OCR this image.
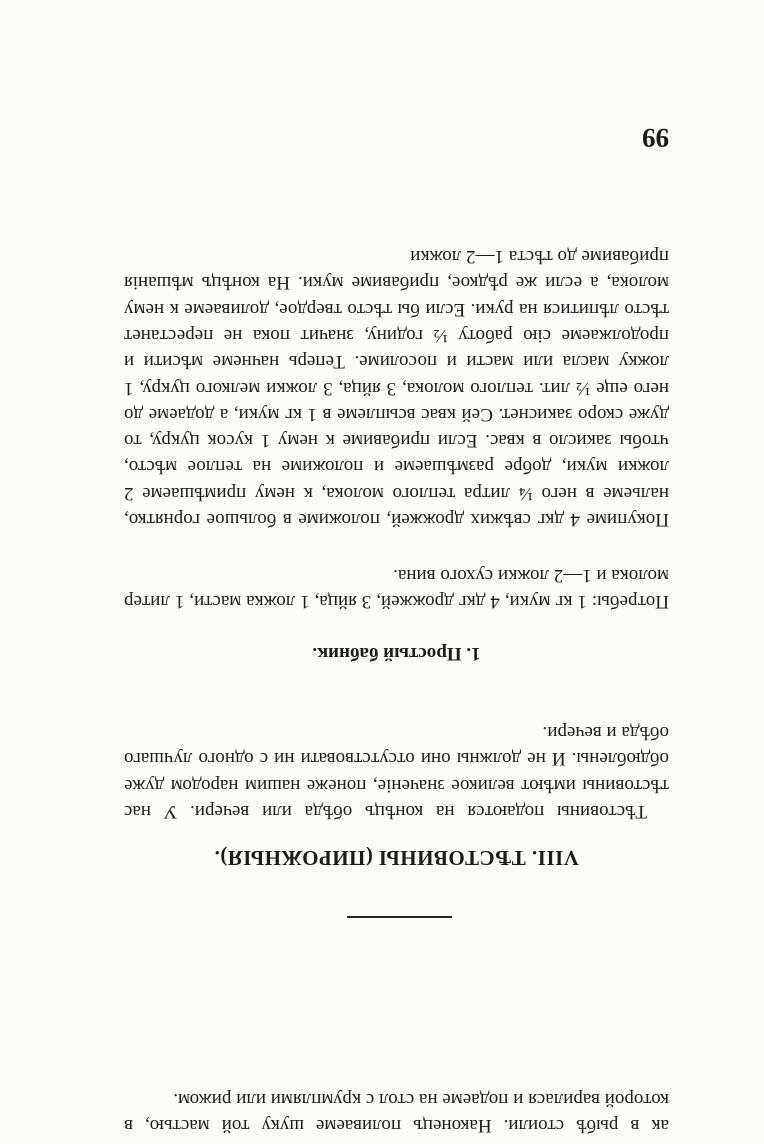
ак в рыбѣ стоили. Наконецъ поливаеме шуку той мастью, в которой варилася и подаеме на стол с крумплями или рижом.

VIII. ТѢСТОВИНЫ (ПИРОЖНЫЯ).

Тѣстовины подаются на конѣцъ обѣда или вечери. У нас тѣстовины имѣют великое значенiе, понеже нашим народом дуже обдюблены. И не должны они отсутствовати ни с одного лучшаго обѣда и вечери.

1. Простый бабник.

Потребы: 1 кг муки, 4 дкг дрожжей, 3 яйца, 1 ложка масти, 1 литер молока и 1—2 ложки сухого вина.

Покупиме 4 дкг свѣжих дрожжей, положиме в большое горнятко, нальеме в него ¼ литра теплого молока, к нему примѣшаеме 2 ложки муки, добре размѣшаеме и положиме на теплое мѣсто, чтобы закисло в квас. Если прибавиме к нему 1 кусок цукру, то дуже скоро закиснет. Сей квас всыплеме в 1 кг муки, а додаеме до него еще ½ лит. теплого молока, 3 яйца, 3 ложки мелкого цукру, 1 ложку масла или масти и посолиме. Теперь начнеме мѣсити и продолжаеме сiю работу ½ годину, значит пока не перестанет тѣсто лѣпитися на руки. Если бы тѣсто твердое, доливаеме к нему молока, а если же рѣдкое, прибавиме муки. На конѣцъ мѣшанiя прибавиме до тѣста 1—2 ложки

99
